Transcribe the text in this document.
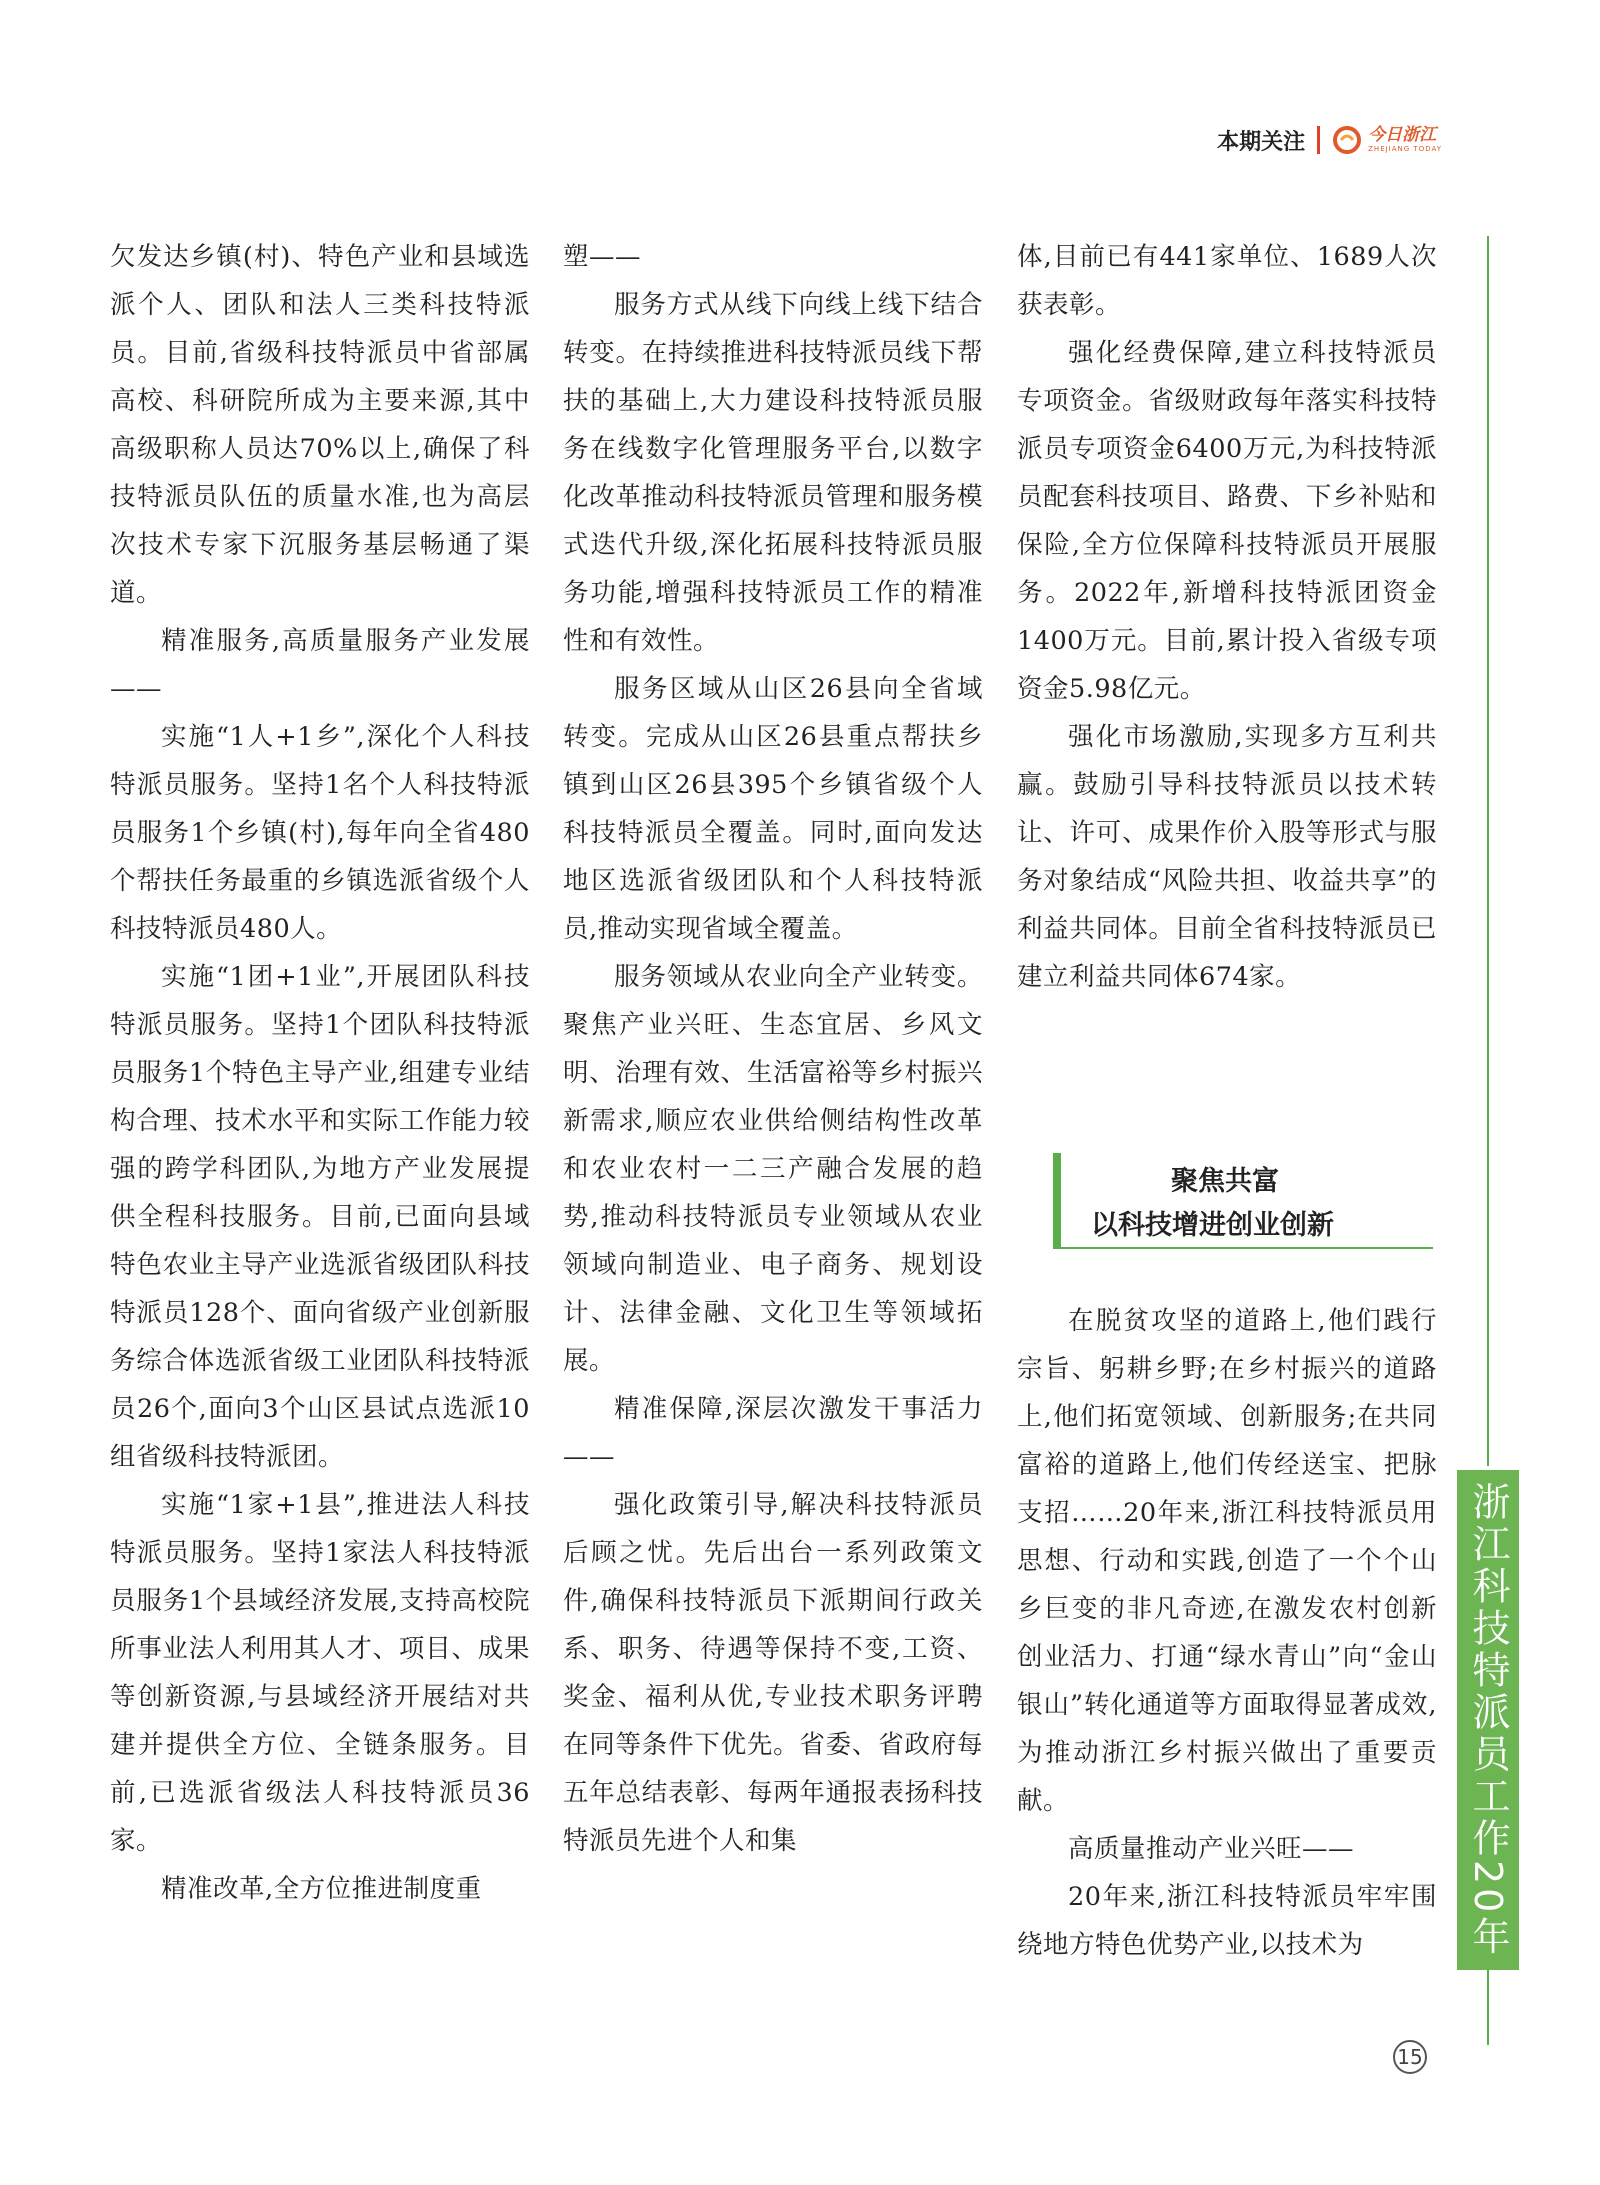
本期关注	今日浙江
ZHEJIANG TODAY

欠发达乡镇(村)、特色产业和县域选派个人、团队和法人三类科技特派员。目前,省级科技特派员中省部属高校、科研院所成为主要来源,其中高级职称人员达70%以上,确保了科技特派员队伍的质量水准,也为高层次技术专家下沉服务基层畅通了渠道。

精准服务,高质量服务产业发展——

实施“1人+1乡”,深化个人科技特派员服务。坚持1名个人科技特派员服务1个乡镇(村),每年向全省480个帮扶任务最重的乡镇选派省级个人科技特派员480人。

实施“1团+1业”,开展团队科技特派员服务。坚持1个团队科技特派员服务1个特色主导产业,组建专业结构合理、技术水平和实际工作能力较强的跨学科团队,为地方产业发展提供全程科技服务。目前,已面向县域特色农业主导产业选派省级团队科技特派员128个、面向省级产业创新服务综合体选派省级工业团队科技特派员26个,面向3个山区县试点选派10组省级科技特派团。

实施“1家+1县”,推进法人科技特派员服务。坚持1家法人科技特派员服务1个县域经济发展,支持高校院所事业法人利用其人才、项目、成果等创新资源,与县域经济开展结对共建并提供全方位、全链条服务。目前,已选派省级法人科技特派员36家。

精准改革,全方位推进制度重

塑——

服务方式从线下向线上线下结合转变。在持续推进科技特派员线下帮扶的基础上,大力建设科技特派员服务在线数字化管理服务平台,以数字化改革推动科技特派员管理和服务模式迭代升级,深化拓展科技特派员服务功能,增强科技特派员工作的精准性和有效性。

服务区域从山区26县向全省域转变。完成从山区26县重点帮扶乡镇到山区26县395个乡镇省级个人科技特派员全覆盖。同时,面向发达地区选派省级团队和个人科技特派员,推动实现省域全覆盖。

服务领域从农业向全产业转变。聚焦产业兴旺、生态宜居、乡风文明、治理有效、生活富裕等乡村振兴新需求,顺应农业供给侧结构性改革和农业农村一二三产融合发展的趋势,推动科技特派员专业领域从农业领域向制造业、电子商务、规划设计、法律金融、文化卫生等领域拓展。

精准保障,深层次激发干事活力——

强化政策引导,解决科技特派员后顾之忧。先后出台一系列政策文件,确保科技特派员下派期间行政关系、职务、待遇等保持不变,工资、奖金、福利从优,专业技术职务评聘在同等条件下优先。省委、省政府每五年总结表彰、每两年通报表扬科技特派员先进个人和集

体,目前已有441家单位、1689人次获表彰。

强化经费保障,建立科技特派员专项资金。省级财政每年落实科技特派员专项资金6400万元,为科技特派员配套科技项目、路费、下乡补贴和保险,全方位保障科技特派员开展服务。2022年,新增科技特派团资金1400万元。目前,累计投入省级专项资金5.98亿元。

强化市场激励,实现多方互利共赢。鼓励引导科技特派员以技术转让、许可、成果作价入股等形式与服务对象结成“风险共担、收益共享”的利益共同体。目前全省科技特派员已建立利益共同体674家。

聚焦共富
以科技增进创业创新

在脱贫攻坚的道路上,他们践行宗旨、躬耕乡野;在乡村振兴的道路上,他们拓宽领域、创新服务;在共同富裕的道路上,他们传经送宝、把脉支招……20年来,浙江科技特派员用思想、行动和实践,创造了一个个山乡巨变的非凡奇迹,在激发农村创新创业活力、打通“绿水青山”向“金山银山”转化通道等方面取得显著成效,为推动浙江乡村振兴做出了重要贡献。

高质量推动产业兴旺——

20年来,浙江科技特派员牢牢围绕地方特色优势产业,以技术为	浙江科技特派员工作20年
15
